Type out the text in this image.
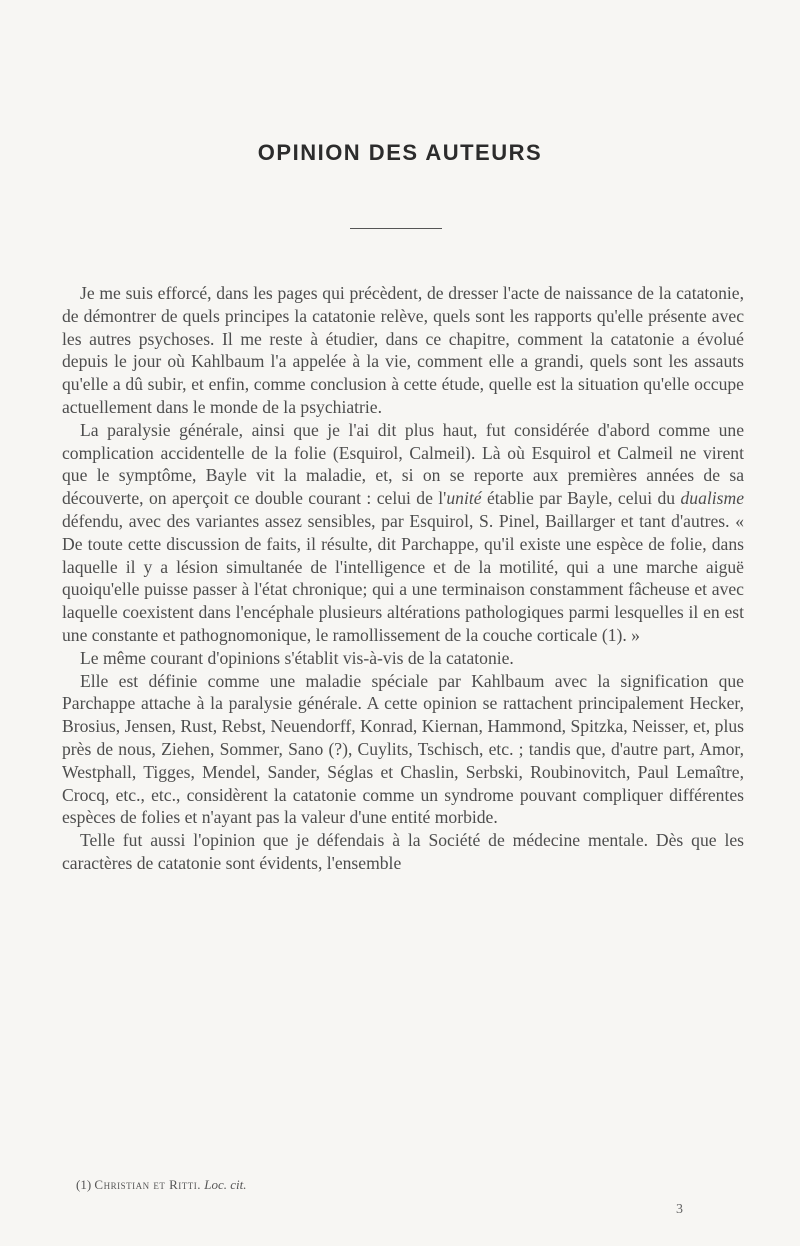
OPINION DES AUTEURS

Je me suis efforcé, dans les pages qui précèdent, de dresser l'acte de naissance de la catatonie, de démontrer de quels principes la catatonie relève, quels sont les rapports qu'elle présente avec les autres psychoses. Il me reste à étudier, dans ce chapitre, comment la catatonie a évolué depuis le jour où Kahlbaum l'a appelée à la vie, comment elle a grandi, quels sont les assauts qu'elle a dû subir, et enfin, comme conclusion à cette étude, quelle est la situation qu'elle occupe actuellement dans le monde de la psychiatrie.

La paralysie générale, ainsi que je l'ai dit plus haut, fut considérée d'abord comme une complication accidentelle de la folie (Esquirol, Calmeil). Là où Esquirol et Calmeil ne virent que le symptôme, Bayle vit la maladie, et, si on se reporte aux premières années de sa découverte, on aperçoit ce double courant : celui de l'unité établie par Bayle, celui du dualisme défendu, avec des variantes assez sensibles, par Esquirol, S. Pinel, Baillarger et tant d'autres. « De toute cette discussion de faits, il résulte, dit Parchappe, qu'il existe une espèce de folie, dans laquelle il y a lésion simultanée de l'intelligence et de la motilité, qui a une marche aiguë quoiqu'elle puisse passer à l'état chronique; qui a une terminaison constamment fâcheuse et avec laquelle coexistent dans l'encéphale plusieurs altérations pathologiques parmi lesquelles il en est une constante et pathognomonique, le ramollissement de la couche corticale (1). »

Le même courant d'opinions s'établit vis-à-vis de la catatonie.

Elle est définie comme une maladie spéciale par Kahlbaum avec la signification que Parchappe attache à la paralysie générale. A cette opinion se rattachent principalement Hecker, Brosius, Jensen, Rust, Rebst, Neuendorff, Konrad, Kiernan, Hammond, Spitzka, Neisser, et, plus près de nous, Ziehen, Sommer, Sano (?), Cuylits, Tschisch, etc. ; tandis que, d'autre part, Amor, Westphall, Tigges, Mendel, Sander, Séglas et Chaslin, Serbski, Roubinovitch, Paul Lemaître, Crocq, etc., etc., considèrent la catatonie comme un syndrome pouvant compliquer différentes espèces de folies et n'ayant pas la valeur d'une entité morbide.

Telle fut aussi l'opinion que je défendais à la Société de médecine mentale. Dès que les caractères de catatonie sont évidents, l'ensemble

(1) Christian et Ritti. Loc. cit.
3
